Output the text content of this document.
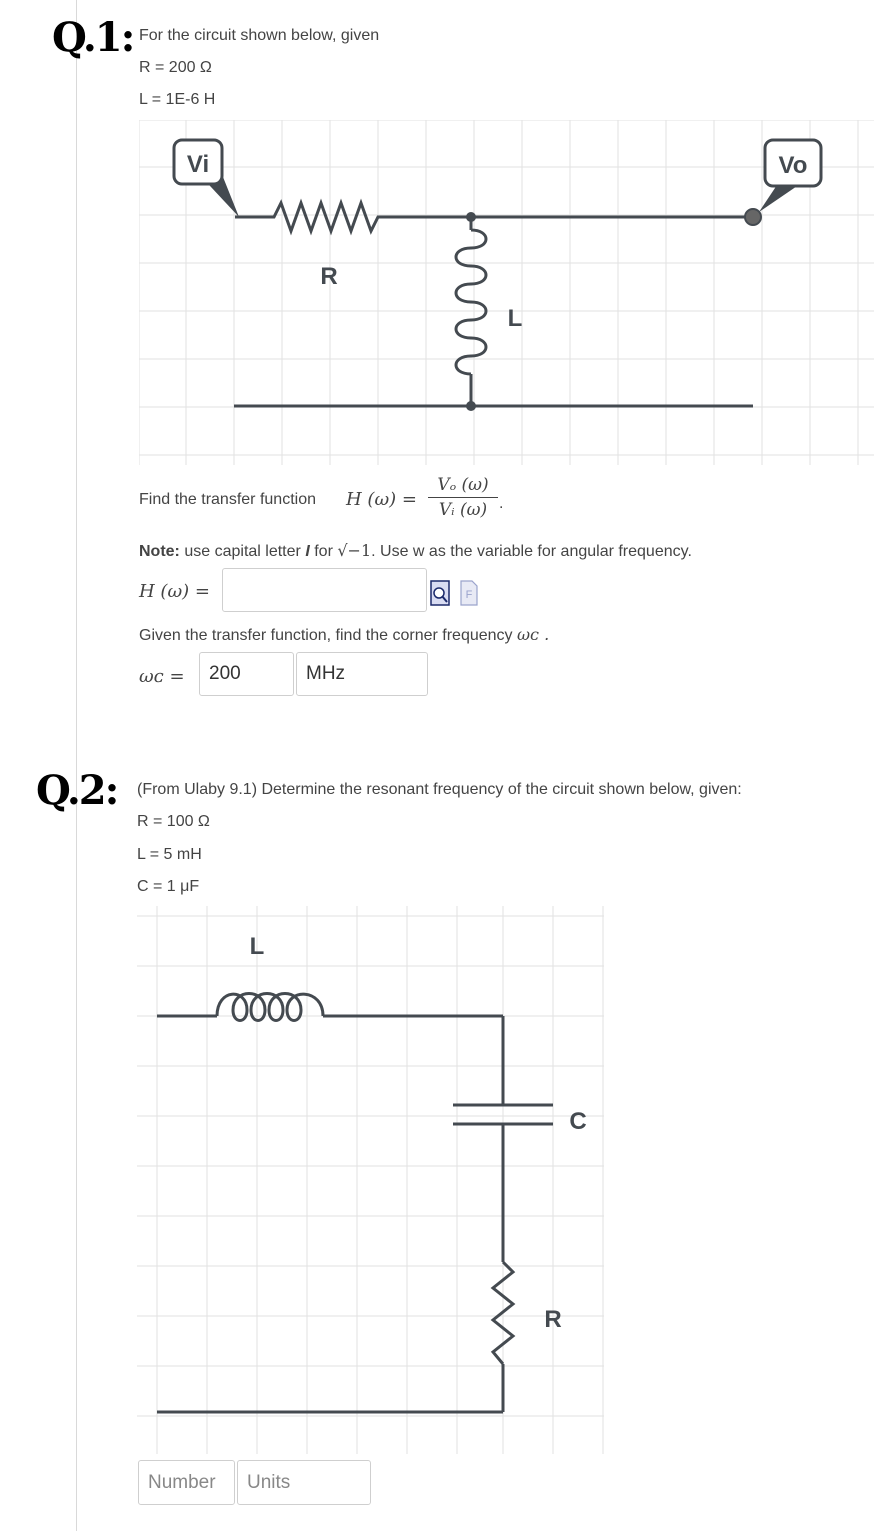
Q.1: For the circuit shown below, given
R = 200 Ω
L = 1E-6 H
Vi	Vo
R
L
Find the transfer function H (ω) =
Vₒ (ω)
Vᵢ (ω) .
Note: use capital letter I for √−1. Use w as the variable for angular frequency.
H (ω) =	F
Given the transfer function, find the corner frequency ωᴄ .
ωᴄ =	200	MHz
Q.2: (From Ulaby 9.1) Determine the resonant frequency of the circuit shown below, given:
R = 100 Ω
L = 5 mH
C = 1 μF
L
C
R
Number	Units
